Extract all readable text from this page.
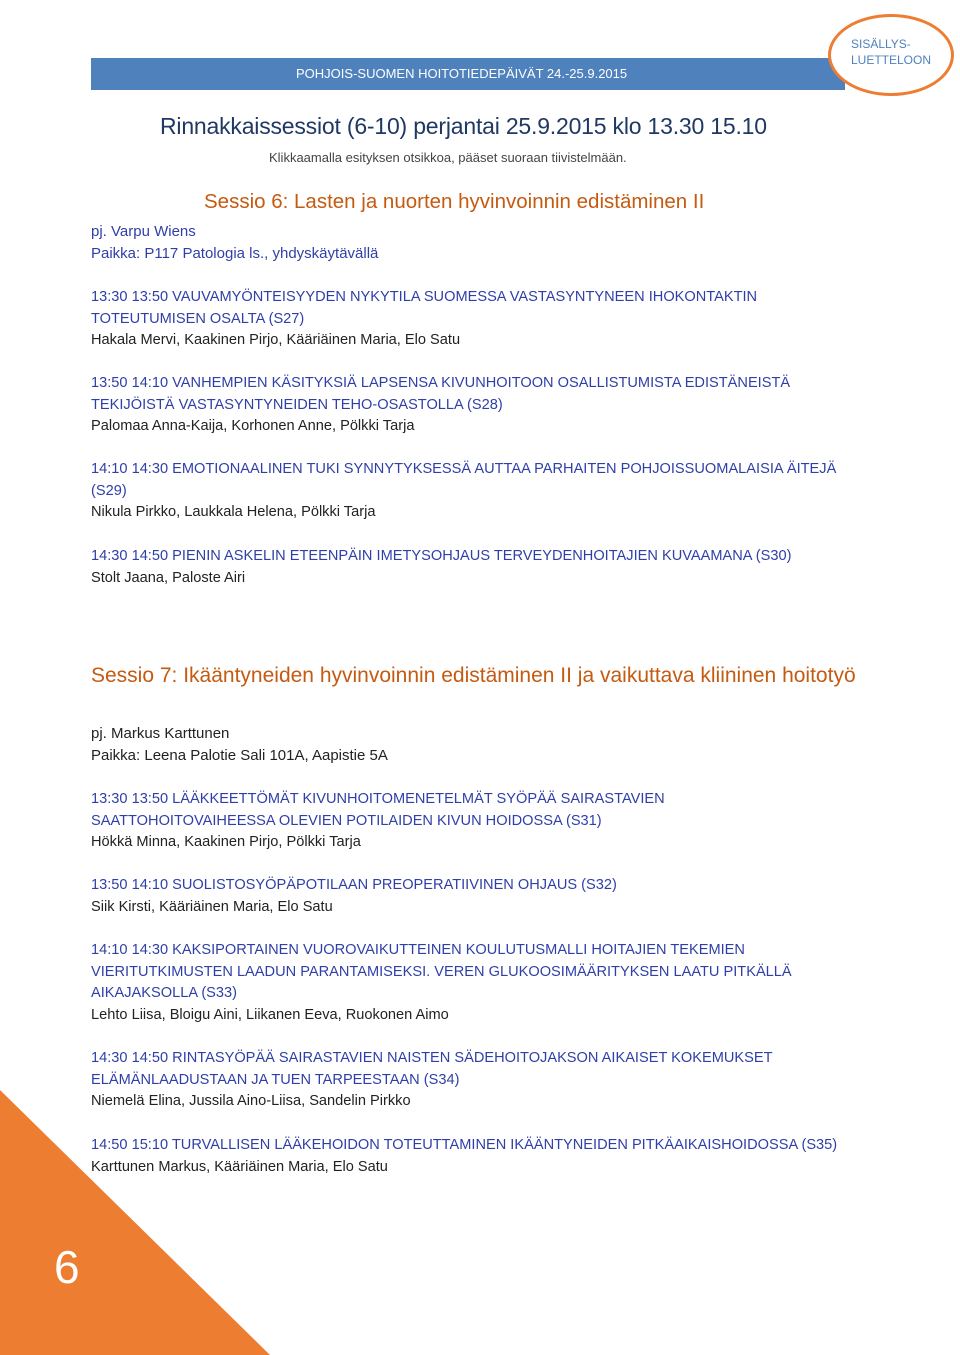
POHJOIS-SUOMEN HOITOTIEDEPÄIVÄT 24.-25.9.2015
SISÄLLYS-
LUETTELOON
Rinnakkaissessiot (6-10) perjantai 25.9.2015 klo 13.30 15.10
Klikkaamalla esityksen otsikkoa, pääset suoraan tiivistelmään.
Sessio 6: Lasten ja nuorten hyvinvoinnin edistäminen II
pj. Varpu Wiens
Paikka: P117 Patologia ls., yhdyskäytävällä
13:30 13:50 VAUVAMYÖNTEISYYDEN NYKYTILA SUOMESSA VASTASYNTYNEEN IHOKONTAKTIN TOTEUTUMISEN OSALTA (S27)
Hakala Mervi, Kaakinen Pirjo, Kääriäinen Maria, Elo Satu
13:50 14:10 VANHEMPIEN KÄSITYKSIÄ LAPSENSA KIVUNHOITOON OSALLISTUMISTA EDISTÄNEISTÄ TEKIJÖISTÄ VASTASYNTYNEIDEN TEHO-OSASTOLLA (S28)
Palomaa Anna-Kaija, Korhonen Anne, Pölkki Tarja
14:10 14:30 EMOTIONAALINEN TUKI SYNNYTYKSESSÄ AUTTAA PARHAITEN POHJOISSUOMALAISIA ÄITEJÄ (S29)
Nikula Pirkko, Laukkala Helena, Pölkki Tarja
14:30 14:50 PIENIN ASKELIN ETEENPÄIN IMETYSOHJAUS TERVEYDENHOITAJIEN KUVAAMANA (S30)
Stolt Jaana, Paloste Airi
Sessio 7: Ikääntyneiden hyvinvoinnin edistäminen II ja vaikuttava kliininen hoitotyö
pj. Markus Karttunen
Paikka: Leena Palotie Sali 101A, Aapistie 5A
13:30 13:50 LÄÄKKEETTÖMÄT KIVUNHOITOMENETELMÄT SYÖPÄÄ SAIRASTAVIEN SAATTOHOITOVAIHEESSA OLEVIEN POTILAIDEN KIVUN HOIDOSSA (S31)
Hökkä Minna, Kaakinen Pirjo, Pölkki Tarja
13:50 14:10 SUOLISTOSYÖPÄPOTILAAN PREOPERATIIVINEN OHJAUS (S32)
Siik Kirsti, Kääriäinen Maria, Elo Satu
14:10 14:30 KAKSIPORTAINEN VUOROVAIKUTTEINEN KOULUTUSMALLI HOITAJIEN TEKEMIEN VIERITUTKIMUSTEN LAADUN PARANTAMISEKSI. VEREN GLUKOOSIMÄÄRITYKSEN LAATU PITKÄLLÄ AIKAJAKSOLLA (S33)
Lehto Liisa, Bloigu Aini, Liikanen Eeva, Ruokonen Aimo
14:30 14:50 RINTASYÖPÄÄ SAIRASTAVIEN NAISTEN SÄDEHOITOJAKSON AIKAISET KOKEMUKSET ELÄMÄNLAADUSTAAN JA TUEN TARPEESTAAN (S34)
Niemelä Elina, Jussila Aino-Liisa, Sandelin Pirkko
14:50 15:10 TURVALLISEN LÄÄKEHOIDON TOTEUTTAMINEN IKÄÄNTYNEIDEN PITKÄAIKAISHOIDOSSA (S35)
Karttunen Markus, Kääriäinen Maria, Elo Satu
6
